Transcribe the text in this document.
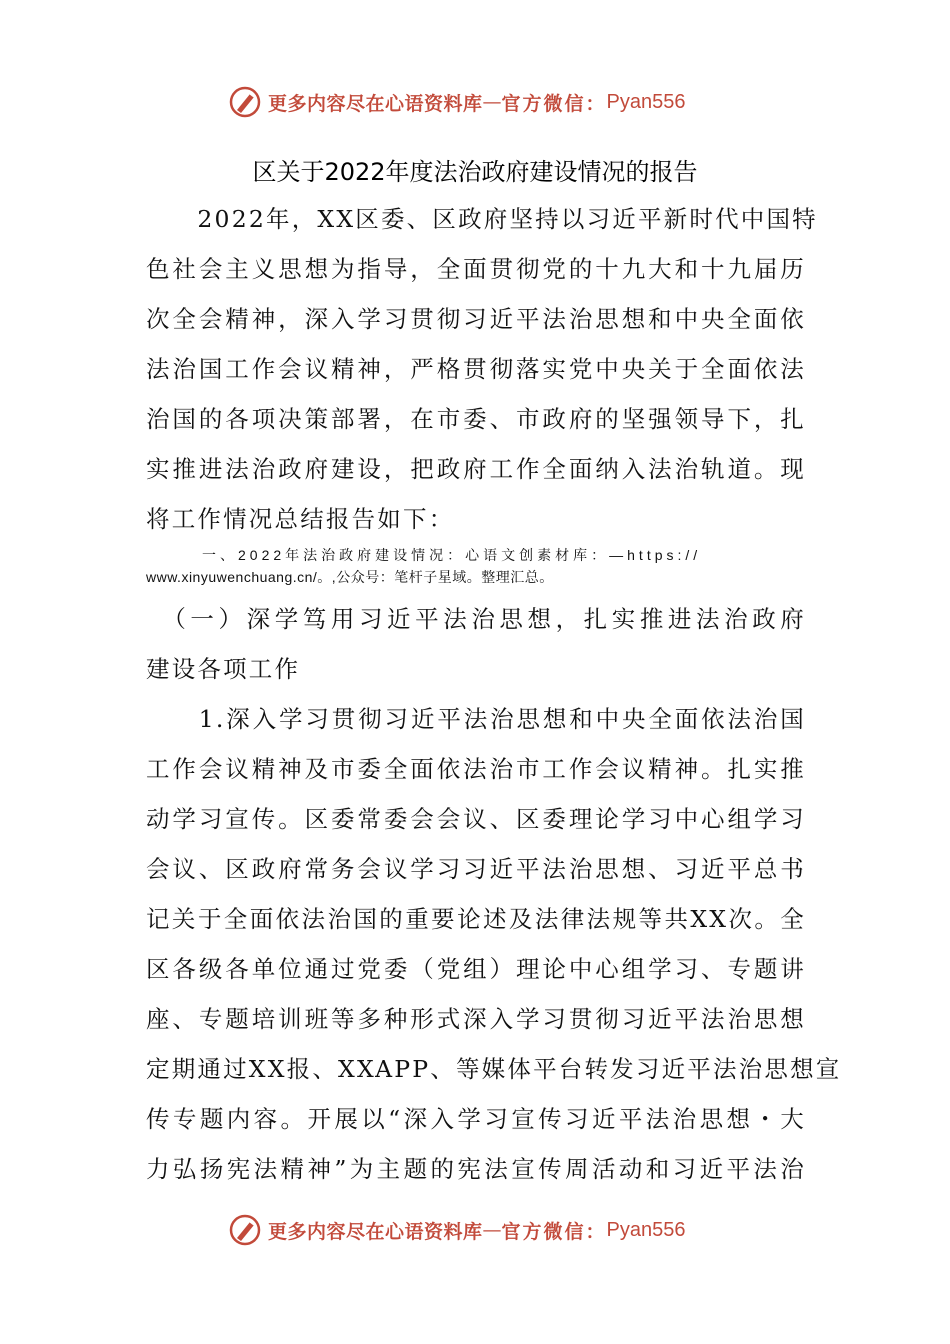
更多内容尽在心语资料库 — 官方微信： Pyan556
区关于2022年度法治政府建设情况的报告
　　2022年，XX区委、区政府坚持以习近平新时代中国特
色社会主义思想为指导，全面贯彻党的十九大和十九届历
次全会精神，深入学习贯彻习近平法治思想和中央全面依
法治国工作会议精神，严格贯彻落实党中央关于全面依法
治国的各项决策部署，在市委、市政府的坚强领导下，扎
实推进法治政府建设，把政府工作全面纳入法治轨道。现
将工作情况总结报告如下：
一、2022年法治政府建设情况：心语文创素材库：—https://
www.xinyuwenchuang.cn/。,公众号：笔杆子星域。整理汇总。
　（一）深学笃用习近平法治思想，扎实推进法治政府
建设各项工作
　　1.深入学习贯彻习近平法治思想和中央全面依法治国
工作会议精神及市委全面依法治市工作会议精神。扎实推
动学习宣传。区委常委会会议、区委理论学习中心组学习
会议、区政府常务会议学习习近平法治思想、习近平总书
记关于全面依法治国的重要论述及法律法规等共XX次。全
区各级各单位通过党委（党组）理论中心组学习、专题讲
座、专题培训班等多种形式深入学习贯彻习近平法治思想
定期通过XX报、XXAPP、等媒体平台转发习近平法治思想宣
传专题内容。开展以“深入学习宣传习近平法治思想・大
力弘扬宪法精神”为主题的宪法宣传周活动和习近平法治
更多内容尽在心语资料库 — 官方微信： Pyan556
